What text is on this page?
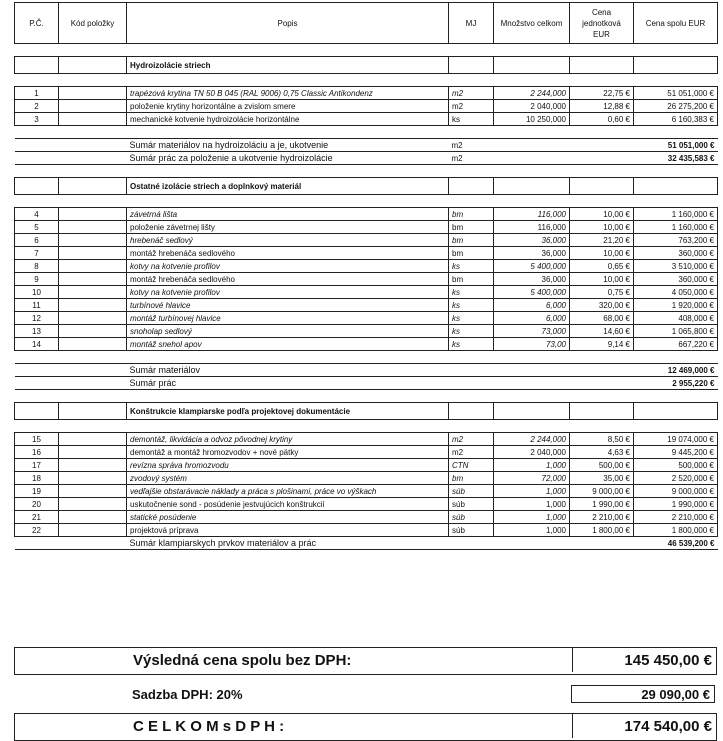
P.Č.	Kód položky	Popis	MJ	Množstvo celkom	Cena jednotková EUR	Cena spolu EUR

		Hydroizolácie striech				

1		trapézová krytina TN 50 B 045 (RAL 9006) 0,75 Classic Antikondenz	m2	2 244,000	22,75 €	51 051,000 €
2		položenie krytiny horizontálne a zvislom smere	m2	2 040,000	12,88 €	26 275,200 €
3		mechanické kotvenie hydroizolácie horizontálne	ks	10 250,000	0,60 €	6 160,383 €

		Sumár materiálov na hydroizoláciu a je, ukotvenie	m2			51 051,000 €
		Sumár prác za položenie a ukotvenie hydroizolácie	m2			32 435,583 €

		Ostatné izolácie striech a doplnkový materiál				

4		závetrná lišta	bm	116,000	10,00 €	1 160,000 €
5		položenie závetrnej lišty	bm	116,000	10,00 €	1 160,000 €
6		hrebenáč sedlový	bm	36,000	21,20 €	763,200 €
7		montáž hrebenáča sedlového	bm	36,000	10,00 €	360,000 €
8		kotvy na kotvenie profilov	ks	5 400,000	0,65 €	3 510,000 €
9		montáž hrebenáča sedlového	bm	36,000	10,00 €	360,000 €
10		kotvy na kotvenie profilov	ks	5 400,000	0,75 €	4 050,000 €
11		turbínové hlavice	ks	6,000	320,00 €	1 920,000 €
12		montáž turbínovej hlavice	ks	6,000	68,00 €	408,000 €
13		snoholap sedlový	ks	73,000	14,60 €	1 065,800 €
14		montáž snehol apov	ks	73,00	9,14 €	667,220 €

		Sumár materiálov				12 469,000 €
		Sumár prác				2 955,220 €

		Konštrukcie klampiarske podľa projektovej dokumentácie				

15		demontáž, likvidácia a odvoz pôvodnej krytiny	m2	2 244,000	8,50 €	19 074,000 €
16		demontáž a montáž hromozvodov + nové pätky	m2	2 040,000	4,63 €	9 445,200 €
17		revízna správa hromozvodu	CTN	1,000	500,00 €	500,000 €
18		zvodový systém	bm	72,000	35,00 €	2 520,000 €
19		vedľajšie obstarávacie náklady a práca s plošinami, práce vo výškach	súb	1,000	9 000,00 €	9 000,000 €
20		uskutočnenie sond - posúdenie jestvujúcich konštrukcií	súb	1,000	1 990,00 €	1 990,000 €
21		statické posúdenie	súb	1,000	2 210,00 €	2 210,000 €
22		projektová príprava	súb	1,000	1 800,00 €	1 800,000 €
		Sumár klampiarskych prvkov materiálov a prác				46 539,200 €
Výsledná cena spolu bez DPH:	145 450,00 €
Sadzba DPH: 20%	29 090,00 €
C E L K O M s D P H :	174 540,00 €
